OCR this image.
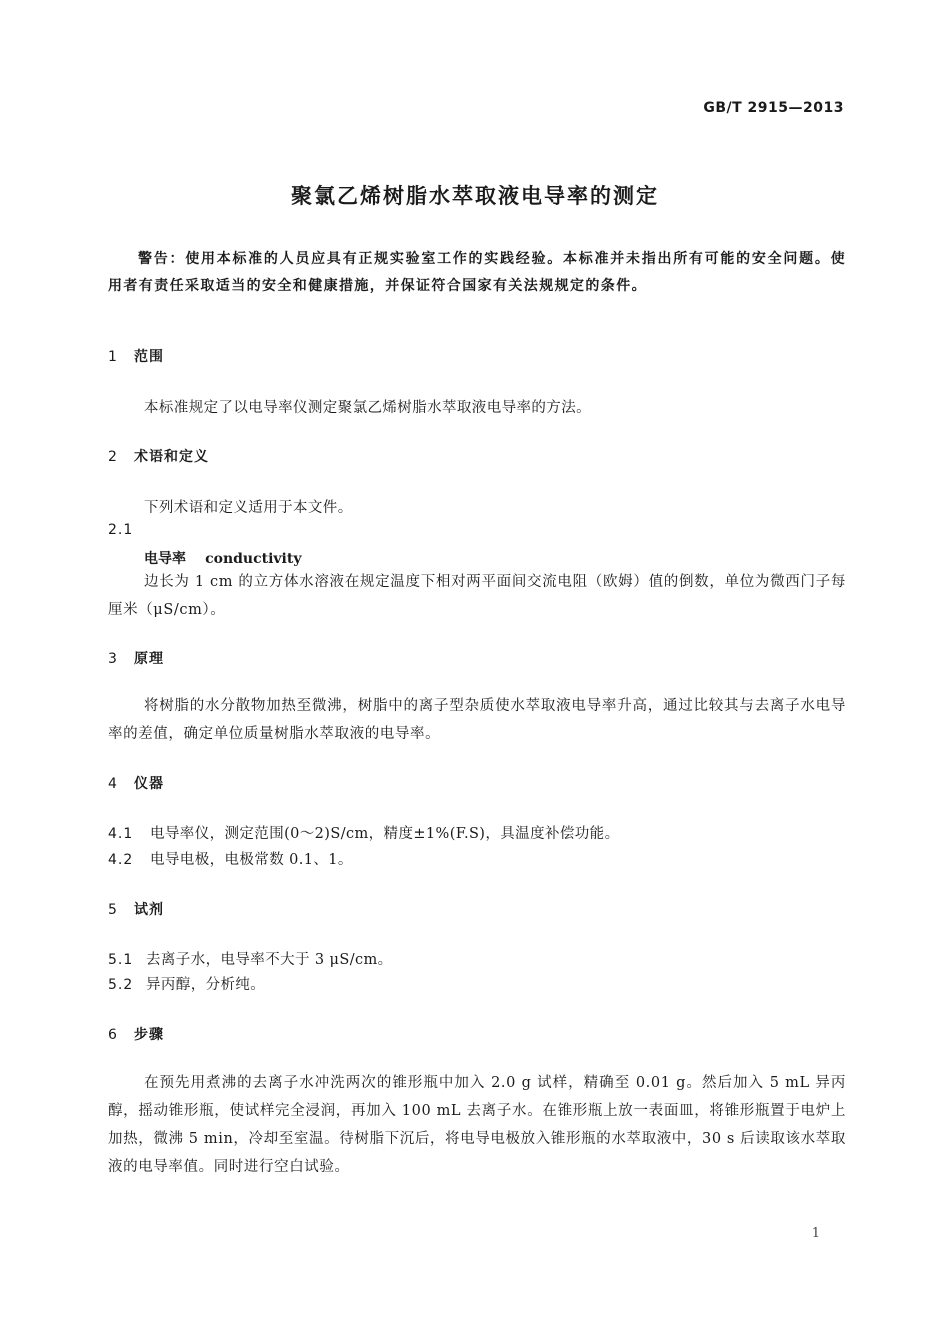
GB/T 2915—2013
聚氯乙烯树脂水萃取液电导率的测定
警告：使用本标准的人员应具有正规实验室工作的实践经验。本标准并未指出所有可能的安全问题。使用者有责任采取适当的安全和健康措施，并保证符合国家有关法规规定的条件。
1 范围
本标准规定了以电导率仪测定聚氯乙烯树脂水萃取液电导率的方法。
2 术语和定义
下列术语和定义适用于本文件。
2.1
电导率 conductivity
边长为 1 cm 的立方体水溶液在规定温度下相对两平面间交流电阻（欧姆）值的倒数，单位为微西门子每厘米（μS/cm）。
3 原理
将树脂的水分散物加热至微沸，树脂中的离子型杂质使水萃取液电导率升高，通过比较其与去离子水电导率的差值，确定单位质量树脂水萃取液的电导率。
4 仪器
4.1 电导率仪，测定范围(0～2)S/cm，精度±1%(F.S)，具温度补偿功能。
4.2 电导电极，电极常数 0.1、1。
5 试剂
5.1 去离子水，电导率不大于 3 μS/cm。
5.2 异丙醇，分析纯。
6 步骤
在预先用煮沸的去离子水冲洗两次的锥形瓶中加入 2.0 g 试样，精确至 0.01 g。然后加入 5 mL 异丙醇，摇动锥形瓶，使试样完全浸润，再加入 100 mL 去离子水。在锥形瓶上放一表面皿，将锥形瓶置于电炉上加热，微沸 5 min，冷却至室温。待树脂下沉后，将电导电极放入锥形瓶的水萃取液中，30 s 后读取该水萃取液的电导率值。同时进行空白试验。
1
